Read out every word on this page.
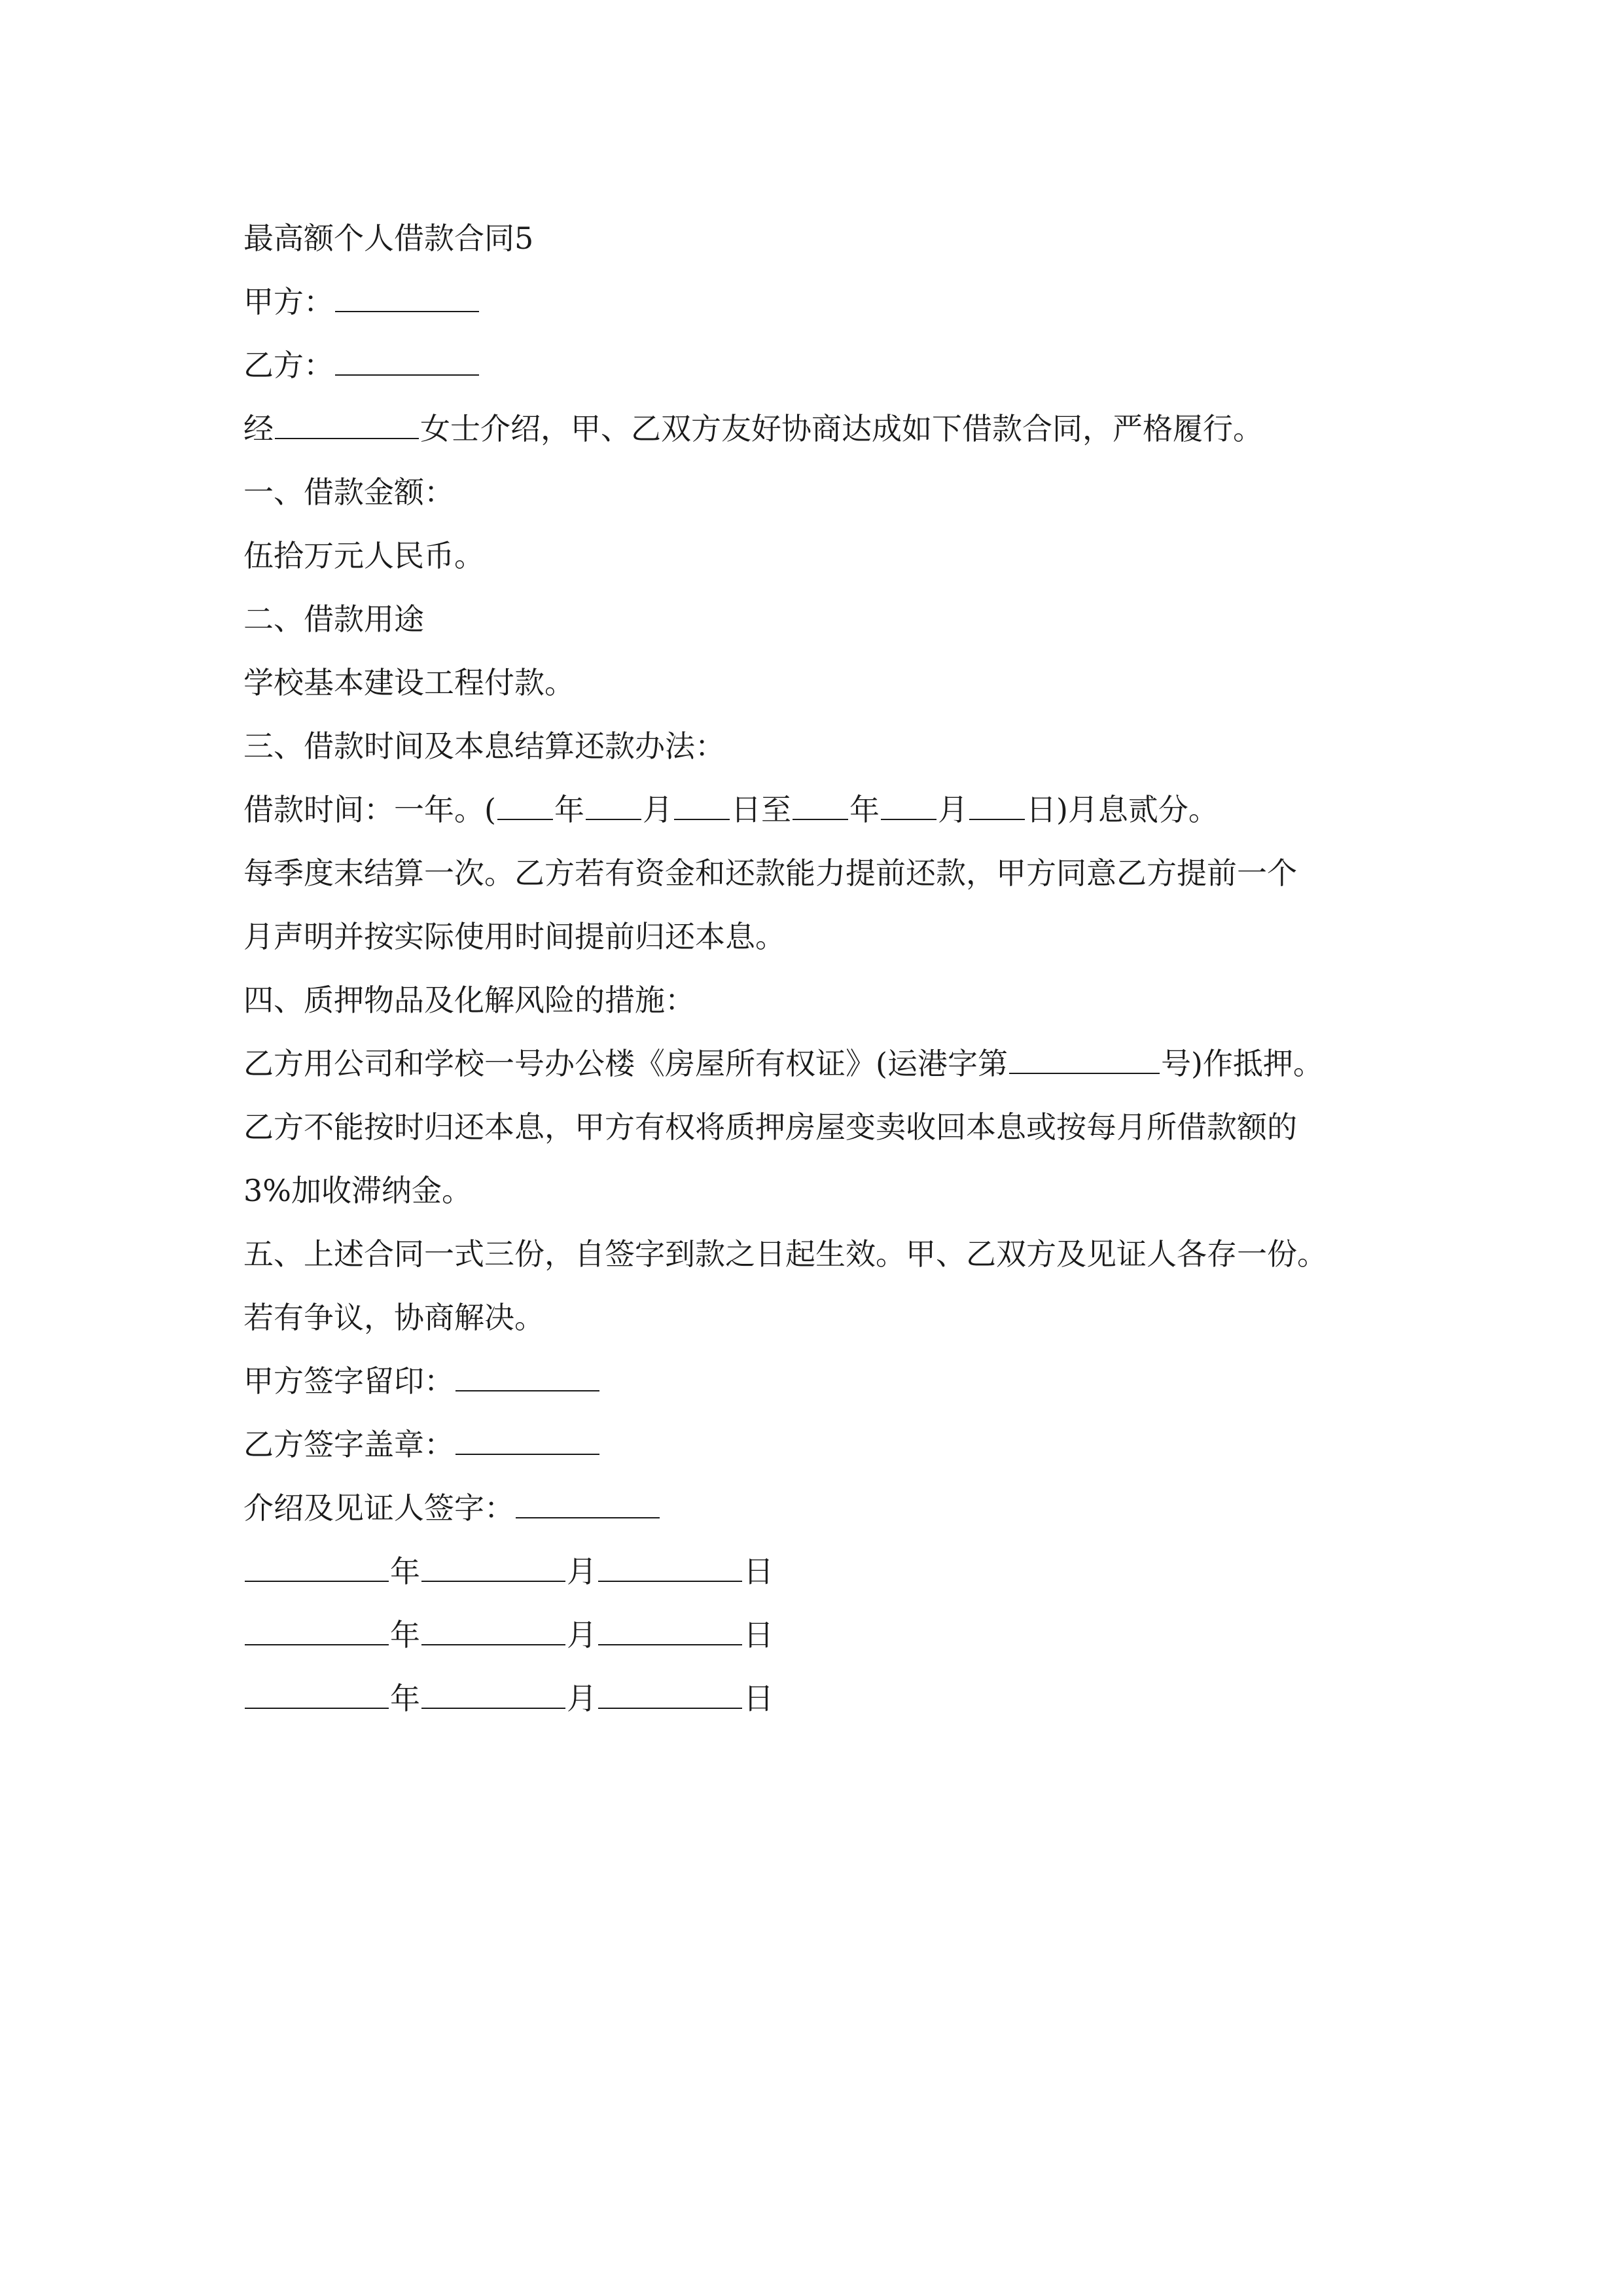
最高额个人借款合同5
甲方：
乙方：
经	女士介绍，甲、乙双方友好协商达成如下借款合同，严格履行。
一、借款金额：
伍拾万元人民币。
二、借款用途
学校基本建设工程付款。
三、借款时间及本息结算还款办法：
借款时间：一年。( 年 月 日至 年 月 日)月息贰分。
每季度末结算一次。乙方若有资金和还款能力提前还款，甲方同意乙方提前一个
月声明并按实际使用时间提前归还本息。
四、质押物品及化解风险的措施：
乙方用公司和学校一号办公楼《房屋所有权证》(运港字第	号)作抵押。
乙方不能按时归还本息，甲方有权将质押房屋变卖收回本息或按每月所借款额的
3%加收滞纳金。
五、上述合同一式三份，自签字到款之日起生效。甲、乙双方及见证人各存一份。
若有争议，协商解决。
甲方签字留印：
乙方签字盖章：
介绍及见证人签字：
年	月	日
年	月	日
年	月	日
